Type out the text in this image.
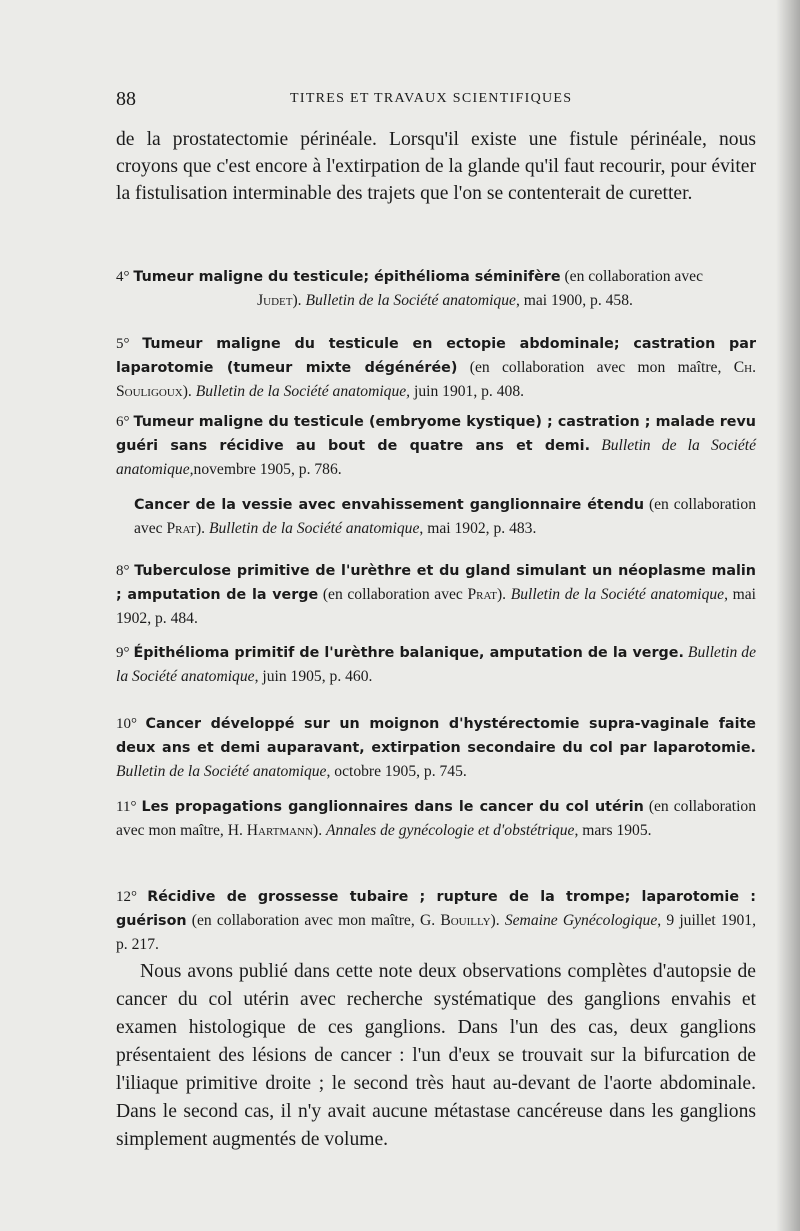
88	TITRES ET TRAVAUX SCIENTIFIQUES

de la prostatectomie périnéale. Lorsqu'il existe une fistule périnéale, nous croyons que c'est encore à l'extirpation de la glande qu'il faut recourir, pour éviter la fistulisation interminable des trajets que l'on se contenterait de curetter.

4° Tumeur maligne du testicule; épithélioma séminifère (en collaboration avec
Judet). Bulletin de la Société anatomique, mai 1900, p. 458.
5° Tumeur maligne du testicule en ectopie abdominale; castration par laparotomie (tumeur mixte dégénérée) (en collaboration avec mon maître, Ch. Souligoux). Bulletin de la Société anatomique, juin 1901, p. 408.
6° Tumeur maligne du testicule (embryome kystique) ; castration ; malade revu guéri sans récidive au bout de quatre ans et demi. Bulletin de la Société anatomique,novembre 1905, p. 786.
Cancer de la vessie avec envahissement ganglionnaire étendu (en collaboration avec Prat). Bulletin de la Société anatomique, mai 1902, p. 483.
8° Tuberculose primitive de l'urèthre et du gland simulant un néoplasme malin ; amputation de la verge (en collaboration avec Prat). Bulletin de la Société anatomique, mai 1902, p. 484.
9° Épithélioma primitif de l'urèthre balanique, amputation de la verge. Bulletin de la Société anatomique, juin 1905, p. 460.
10° Cancer développé sur un moignon d'hystérectomie supra-vaginale faite deux ans et demi auparavant, extirpation secondaire du col par laparotomie. Bulletin de la Société anatomique, octobre 1905, p. 745.
11° Les propagations ganglionnaires dans le cancer du col utérin (en collaboration avec mon maître, H. Hartmann). Annales de gynécologie et d'obstétrique, mars 1905.
12° Récidive de grossesse tubaire ; rupture de la trompe; laparotomie : guérison (en collaboration avec mon maître, G. Bouilly). Semaine Gynécologique, 9 juillet 1901, p. 217.

Nous avons publié dans cette note deux observations complètes d'autopsie de cancer du col utérin avec recherche systématique des ganglions envahis et examen histologique de ces ganglions. Dans l'un des cas, deux ganglions présentaient des lésions de cancer : l'un d'eux se trouvait sur la bifurcation de l'iliaque primitive droite ; le second très haut au-devant de l'aorte abdominale. Dans le second cas, il n'y avait aucune métastase cancéreuse dans les ganglions simplement augmentés de volume.
